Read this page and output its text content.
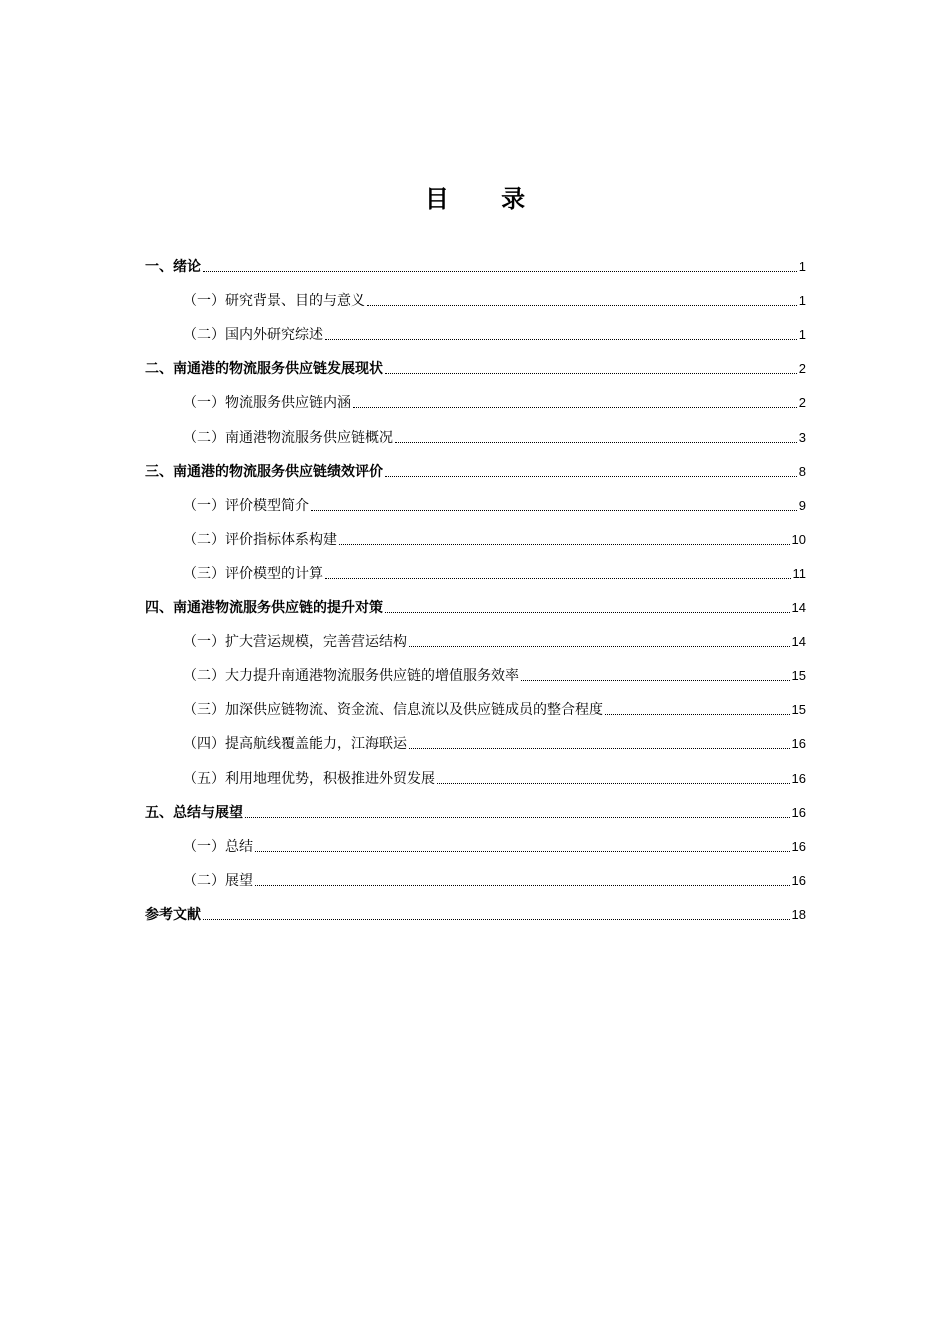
目 录
一、绪论	1
（一）研究背景、目的与意义	1
（二）国内外研究综述	1
二、南通港的物流服务供应链发展现状	2
（一）物流服务供应链内涵	2
（二）南通港物流服务供应链概况	3
三、南通港的物流服务供应链绩效评价	8
（一）评价模型简介	9
（二）评价指标体系构建	10
（三）评价模型的计算	11
四、南通港物流服务供应链的提升对策	14
（一）扩大营运规模，完善营运结构	14
（二）大力提升南通港物流服务供应链的增值服务效率	15
（三）加深供应链物流、资金流、信息流以及供应链成员的整合程度	15
（四）提高航线覆盖能力，江海联运	16
（五）利用地理优势，积极推进外贸发展	16
五、总结与展望	16
（一）总结	16
（二）展望	16
参考文献	18
